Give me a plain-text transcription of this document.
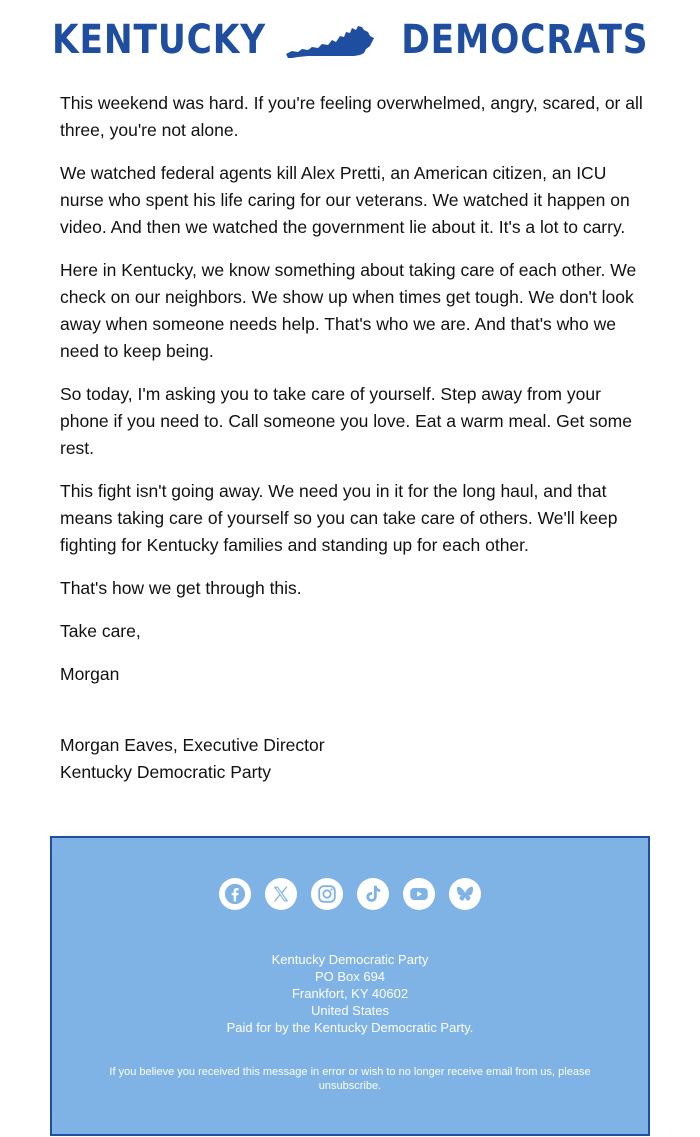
KENTUCKY	DEMOCRATS

This weekend was hard. If you're feeling overwhelmed, angry, scared, or all three, you're not alone.

We watched federal agents kill Alex Pretti, an American citizen, an ICU nurse who spent his life caring for our veterans. We watched it happen on video. And then we watched the government lie about it. It's a lot to carry.

Here in Kentucky, we know something about taking care of each other. We check on our neighbors. We show up when times get tough. We don't look away when someone needs help. That's who we are. And that's who we need to keep being.

So today, I'm asking you to take care of yourself. Step away from your phone if you need to. Call someone you love. Eat a warm meal. Get some rest.

This fight isn't going away. We need you in it for the long haul, and that means taking care of yourself so you can take care of others. We'll keep fighting for Kentucky families and standing up for each other.

That's how we get through this.

Take care,

Morgan

Morgan Eaves, Executive Director
Kentucky Democratic Party
Kentucky Democratic Party
PO Box 694
Frankfort, KY 40602
United States
Paid for by the Kentucky Democratic Party.
If you believe you received this message in error or wish to no longer receive email from us, please unsubscribe.
